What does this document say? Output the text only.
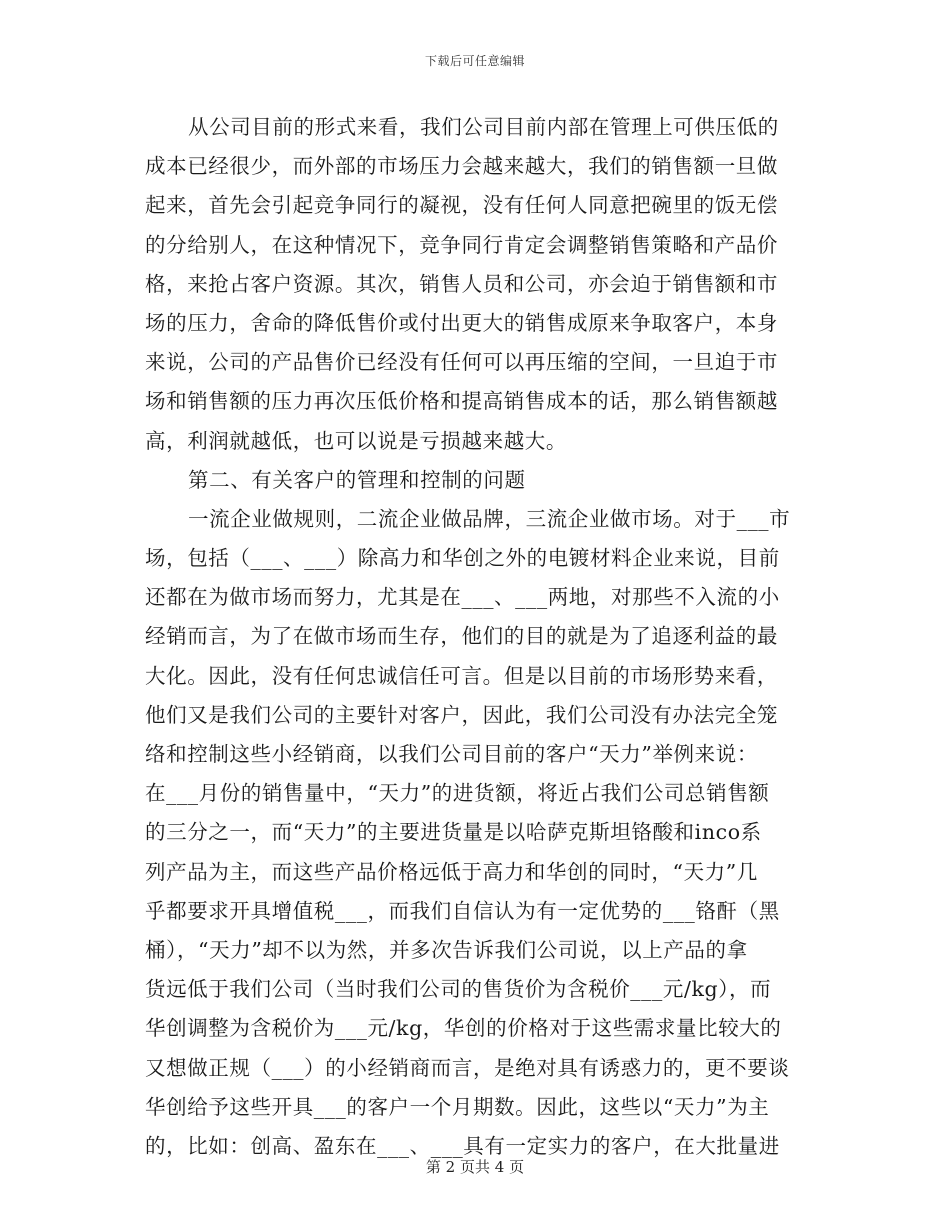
下载后可任意编辑
从公司目前的形式来看，我们公司目前内部在管理上可供压低的
成本已经很少，而外部的市场压力会越来越大，我们的销售额一旦做
起来，首先会引起竞争同行的凝视，没有任何人同意把碗里的饭无偿
的分给别人，在这种情况下，竞争同行肯定会调整销售策略和产品价
格，来抢占客户资源。其次，销售人员和公司，亦会迫于销售额和市
场的压力，舍命的降低售价或付出更大的销售成原来争取客户，本身
来说，公司的产品售价已经没有任何可以再压缩的空间，一旦迫于市
场和销售额的压力再次压低价格和提高销售成本的话，那么销售额越
高，利润就越低，也可以说是亏损越来越大。
第二、有关客户的管理和控制的问题
一流企业做规则，二流企业做品牌，三流企业做市场。对于___市
场，包括（___、___）除高力和华创之外的电镀材料企业来说，目前
还都在为做市场而努力，尤其是在___、___两地，对那些不入流的小
经销而言，为了在做市场而生存，他们的目的就是为了追逐利益的最
大化。因此，没有任何忠诚信任可言。但是以目前的市场形势来看，
他们又是我们公司的主要针对客户，因此，我们公司没有办法完全笼
络和控制这些小经销商，以我们公司目前的客户“天力”举例来说：
在___月份的销售量中，“天力”的进货额，将近占我们公司总销售额
的三分之一，而“天力”的主要进货量是以哈萨克斯坦铬酸和inco系
列产品为主，而这些产品价格远低于高力和华创的同时，“天力”几
乎都要求开具增值税___，而我们自信认为有一定优势的___铬酐（黑
桶），“天力”却不以为然，并多次告诉我们公司说，以上产品的拿
货远低于我们公司（当时我们公司的售货价为含税价___元/kg），而
华创调整为含税价为___元/kg，华创的价格对于这些需求量比较大的
又想做正规（___）的小经销商而言，是绝对具有诱惑力的，更不要谈
华创给予这些开具___的客户一个月期数。因此，这些以“天力”为主
的，比如：创高、盈东在___、___具有一定实力的客户，在大批量进
第 2 页共 4 页
